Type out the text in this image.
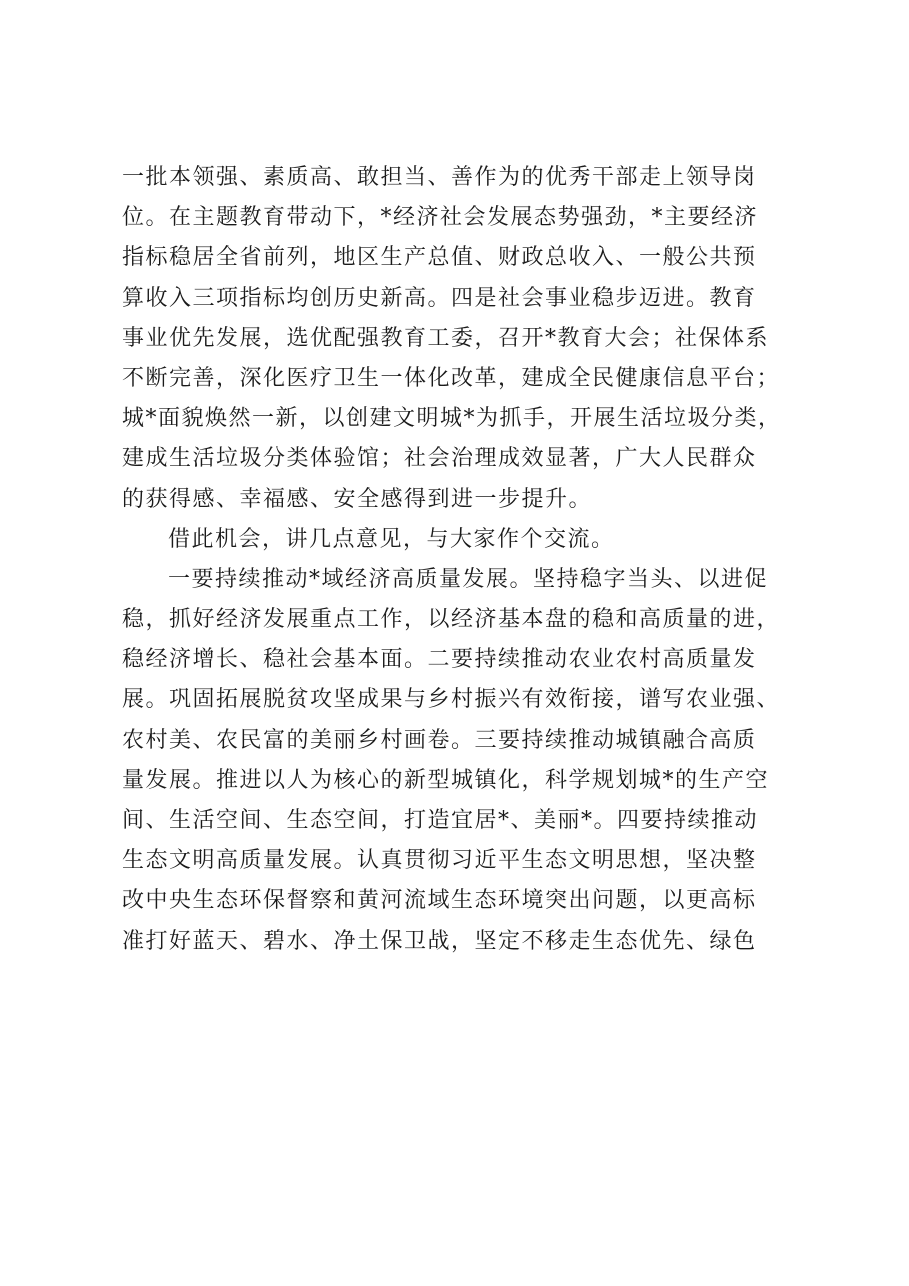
一批本领强、素质高、敢担当、善作为的优秀干部走上领导岗
位。在主题教育带动下，*经济社会发展态势强劲，*主要经济
指标稳居全省前列，地区生产总值、财政总收入、一般公共预
算收入三项指标均创历史新高。四是社会事业稳步迈进。教育
事业优先发展，选优配强教育工委，召开*教育大会；社保体系
不断完善，深化医疗卫生一体化改革，建成全民健康信息平台；
城*面貌焕然一新，以创建文明城*为抓手，开展生活垃圾分类，
建成生活垃圾分类体验馆；社会治理成效显著，广大人民群众
的获得感、幸福感、安全感得到进一步提升。
借此机会，讲几点意见，与大家作个交流。
一要持续推动*域经济高质量发展。坚持稳字当头、以进促
稳，抓好经济发展重点工作，以经济基本盘的稳和高质量的进，
稳经济增长、稳社会基本面。二要持续推动农业农村高质量发
展。巩固拓展脱贫攻坚成果与乡村振兴有效衔接，谱写农业强、
农村美、农民富的美丽乡村画卷。三要持续推动城镇融合高质
量发展。推进以人为核心的新型城镇化，科学规划城*的生产空
间、生活空间、生态空间，打造宜居*、美丽*。四要持续推动
生态文明高质量发展。认真贯彻习近平生态文明思想，坚决整
改中央生态环保督察和黄河流域生态环境突出问题，以更高标
准打好蓝天、碧水、净土保卫战，坚定不移走生态优先、绿色
